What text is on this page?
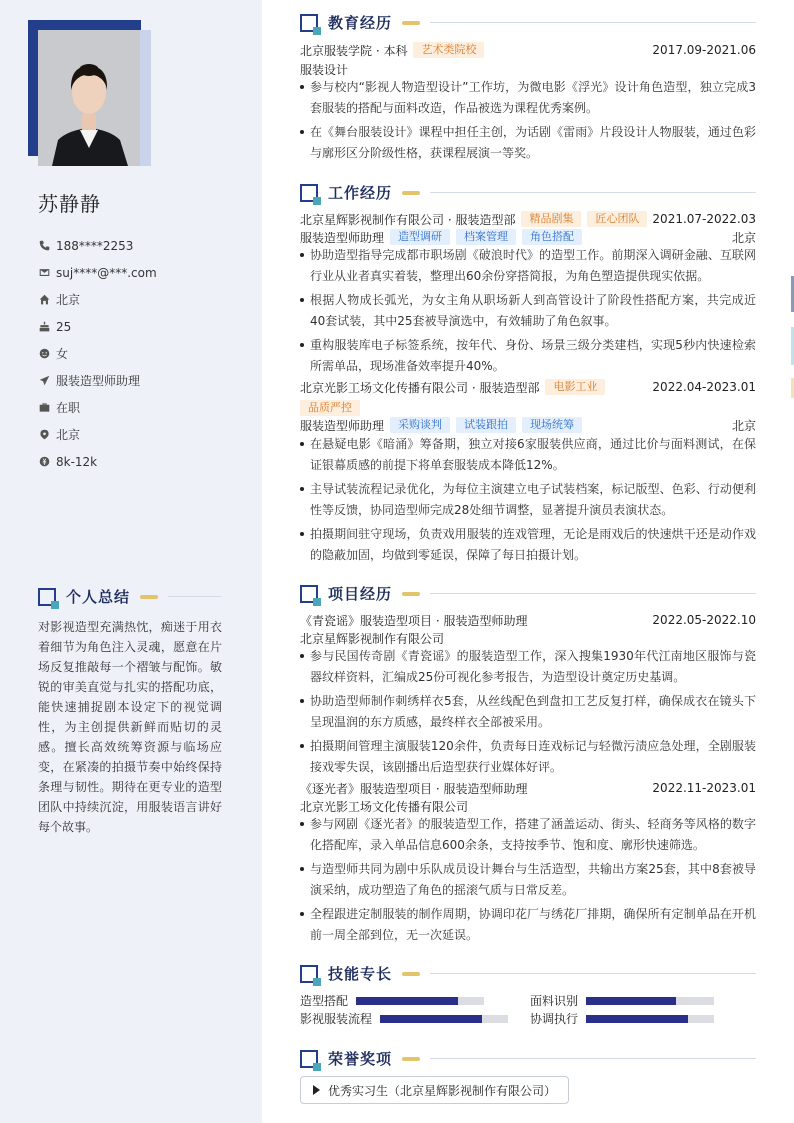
苏静静
188****2253
suj****@***.com
北京
25
女
服装造型师助理
在职
北京
8k-12k
个人总结
对影视造型充满热忱，痴迷于用衣着细节为角色注入灵魂，愿意在片场反复推敲每一个褶皱与配饰。敏锐的审美直觉与扎实的搭配功底，能快速捕捉剧本设定下的视觉调性，为主创提供新鲜而贴切的灵感。擅长高效统筹资源与临场应变，在紧凑的拍摄节奏中始终保持条理与韧性。期待在更专业的造型团队中持续沉淀，用服装语言讲好每个故事。
教育经历
北京服装学院 · 本科	艺术类院校	2017.09-2021.06
服装设计
参与校内“影视人物造型设计”工作坊，为微电影《浮光》设计角色造型，独立完成3套服装的搭配与面料改造，作品被选为课程优秀案例。
在《舞台服装设计》课程中担任主创，为话剧《雷雨》片段设计人物服装，通过色彩与廓形区分阶级性格，获课程展演一等奖。
工作经历
北京星辉影视制作有限公司 · 服装造型部	精品剧集	匠心团队	2021.07-2022.03
服装造型师助理	造型调研	档案管理	角色搭配	北京
协助造型指导完成都市职场剧《破浪时代》的造型工作。前期深入调研金融、互联网行业从业者真实着装，整理出60余份穿搭简报，为角色塑造提供现实依据。
根据人物成长弧光，为女主角从职场新人到高管设计了阶段性搭配方案，共完成近40套试装，其中25套被导演选中，有效辅助了角色叙事。
重构服装库电子标签系统，按年代、身份、场景三级分类建档，实现5秒内快速检索所需单品，现场准备效率提升40%。
北京光影工场文化传播有限公司 · 服装造型部	电影工业	2022.04-2023.01
品质严控
服装造型师助理	采购谈判	试装跟拍	现场统筹	北京
在悬疑电影《暗涌》筹备期，独立对接6家服装供应商，通过比价与面料测试，在保证银幕质感的前提下将单套服装成本降低12%。
主导试装流程记录优化，为每位主演建立电子试装档案，标记版型、色彩、行动便利性等反馈，协同造型师完成28处细节调整，显著提升演员表演状态。
拍摄期间驻守现场，负责戏用服装的连戏管理，无论是雨戏后的快速烘干还是动作戏的隐蔽加固，均做到零延误，保障了每日拍摄计划。
项目经历
《青瓷谣》服装造型项目 · 服装造型师助理	2022.05-2022.10
北京星辉影视制作有限公司
参与民国传奇剧《青瓷谣》的服装造型工作，深入搜集1930年代江南地区服饰与瓷器纹样资料，汇编成25份可视化参考报告，为造型设计奠定历史基调。
协助造型师制作刺绣样衣5套，从丝线配色到盘扣工艺反复打样，确保成衣在镜头下呈现温润的东方质感，最终样衣全部被采用。
拍摄期间管理主演服装120余件，负责每日连戏标记与轻微污渍应急处理，全剧服装接戏零失误，该剧播出后造型获行业媒体好评。
《逐光者》服装造型项目 · 服装造型师助理	2022.11-2023.01
北京光影工场文化传播有限公司
参与网剧《逐光者》的服装造型工作，搭建了涵盖运动、街头、轻商务等风格的数字化搭配库，录入单品信息600余条，支持按季节、饱和度、廓形快速筛选。
与造型师共同为剧中乐队成员设计舞台与生活造型，共输出方案25套，其中8套被导演采纳，成功塑造了角色的摇滚气质与日常反差。
全程跟进定制服装的制作周期，协调印花厂与绣花厂排期，确保所有定制单品在开机前一周全部到位，无一次延误。
技能专长
造型搭配	面料识别
影视服装流程	协调执行
荣誉奖项
优秀实习生（北京星辉影视制作有限公司）
